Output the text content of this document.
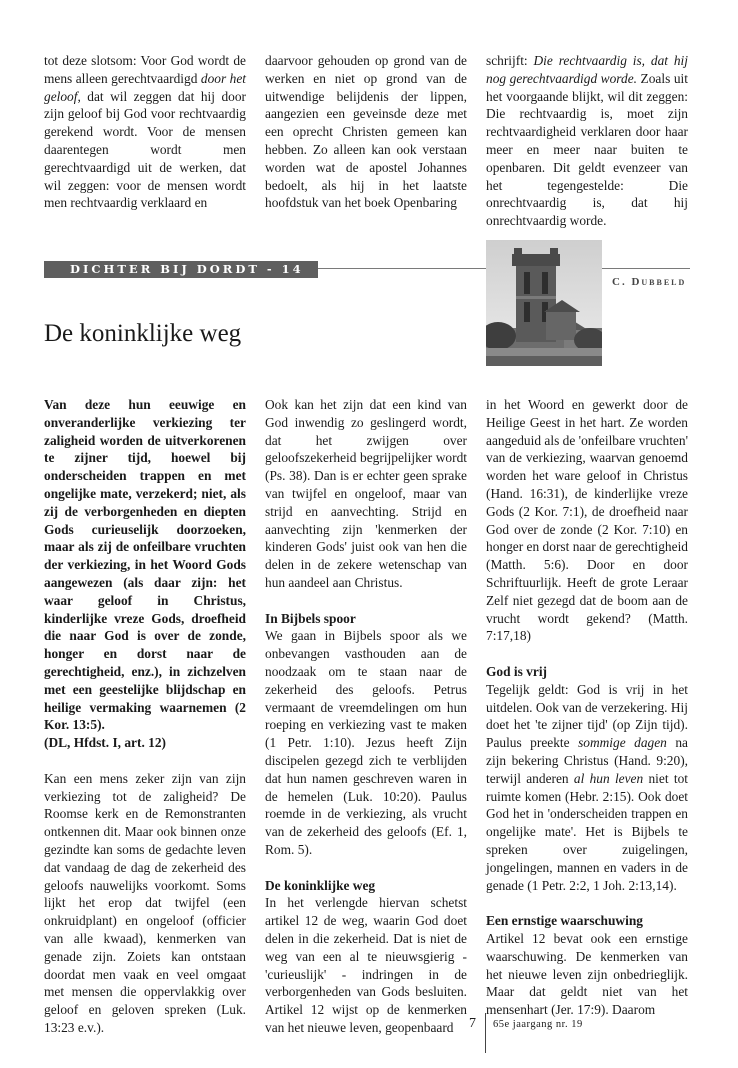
tot deze slotsom: Voor God wordt de mens alleen gerechtvaardigd door het geloof, dat wil zeggen dat hij door zijn geloof bij God voor rechtvaardig gerekend wordt. Voor de mensen daarentegen wordt men gerechtvaardigd uit de werken, dat wil zeggen: voor de mensen wordt men rechtvaardig verklaard en

daarvoor gehouden op grond van de werken en niet op grond van de uitwendige belijdenis der lippen, aangezien een geveinsde deze met een oprecht Christen gemeen kan hebben. Zo alleen kan ook verstaan worden wat de apostel Johannes bedoelt, als hij in het laatste hoofdstuk van het boek Openbaring

schrijft: Die rechtvaardig is, dat hij nog gerechtvaardigd worde. Zoals uit het voorgaande blijkt, wil dit zeggen: Die rechtvaardig is, moet zijn rechtvaardigheid verklaren door haar meer en meer naar buiten te openbaren. Dit geldt evenzeer van het tegengestelde: Die onrechtvaardig is, dat hij onrechtvaardig worde.

DICHTER BIJ DORDT - 14
C. Dubbeld
De koninklijke weg

Van deze hun eeuwige en onveranderlijke verkiezing ter zaligheid worden de uitverkorenen te zijner tijd, hoewel bij onderscheiden trappen en met ongelijke mate, verzekerd; niet, als zij de verborgenheden en diepten Gods curieuselijk doorzoeken, maar als zij de onfeilbare vruchten der verkiezing, in het Woord Gods aangewezen (als daar zijn: het waar geloof in Christus, kinderlijke vreze Gods, droefheid die naar God is over de zonde, honger en dorst naar de gerechtigheid, enz.), in zichzelven met een geestelijke blijdschap en heilige vermaking waarnemen (2 Kor. 13:5).

(DL, Hfdst. I, art. 12)

Kan een mens zeker zijn van zijn verkiezing tot de zaligheid? De Roomse kerk en de Remonstranten ontkennen dit. Maar ook binnen onze gezindte kan soms de gedachte leven dat vandaag de dag de zekerheid des geloofs nauwelijks voorkomt. Soms lijkt het erop dat twijfel (een onkruidplant) en ongeloof (officier van alle kwaad), kenmerken van genade zijn. Zoiets kan ontstaan doordat men vaak en veel omgaat met mensen die oppervlakkig over geloof en geloven spreken (Luk. 13:23 e.v.).

Ook kan het zijn dat een kind van God inwendig zo geslingerd wordt, dat het zwijgen over geloofszekerheid begrijpelijker wordt (Ps. 38). Dan is er echter geen sprake van twijfel en ongeloof, maar van strijd en aanvechting. Strijd en aanvechting zijn 'kenmerken der kinderen Gods' juist ook van hen die delen in de zekere wetenschap van hun aandeel aan Christus.

In Bijbels spoor

We gaan in Bijbels spoor als we onbevangen vasthouden aan de noodzaak om te staan naar de zekerheid des geloofs. Petrus vermaant de vreemdelingen om hun roeping en verkiezing vast te maken (1 Petr. 1:10). Jezus heeft Zijn discipelen gezegd zich te verblijden dat hun namen geschreven waren in de hemelen (Luk. 10:20). Paulus roemde in de verkiezing, als vrucht van de zekerheid des geloofs (Ef. 1, Rom. 5).

De koninklijke weg

In het verlengde hiervan schetst artikel 12 de weg, waarin God doet delen in die zekerheid. Dat is niet de weg van een al te nieuwsgierig - 'curieuslijk' - indringen in de verborgenheden van Gods besluiten. Artikel 12 wijst op de kenmerken van het nieuwe leven, geopenbaard

in het Woord en gewerkt door de Heilige Geest in het hart. Ze worden aangeduid als de 'onfeilbare vruchten' van de verkiezing, waarvan genoemd worden het ware geloof in Christus (Hand. 16:31), de kinderlijke vreze Gods (2 Kor. 7:1), de droefheid naar God over de zonde (2 Kor. 7:10) en honger en dorst naar de gerechtigheid (Matth. 5:6). Door en door Schriftuurlijk. Heeft de grote Leraar Zelf niet gezegd dat de boom aan de vrucht wordt gekend? (Matth. 7:17,18)

God is vrij

Tegelijk geldt: God is vrij in het uitdelen. Ook van de verzekering. Hij doet het 'te zijner tijd' (op Zijn tijd). Paulus preekte sommige dagen na zijn bekering Christus (Hand. 9:20), terwijl anderen al hun leven niet tot ruimte komen (Hebr. 2:15). Ook doet God het in 'onderscheiden trappen en ongelijke mate'. Het is Bijbels te spreken over zuigelingen, jongelingen, mannen en vaders in de genade (1 Petr. 2:2, 1 Joh. 2:13,14).

Een ernstige waarschuwing

Artikel 12 bevat ook een ernstige waarschuwing. De kenmerken van het nieuwe leven zijn onbedrieglijk. Maar dat geldt niet van het mensenhart (Jer. 17:9). Daarom

7 65e jaargang nr. 19
